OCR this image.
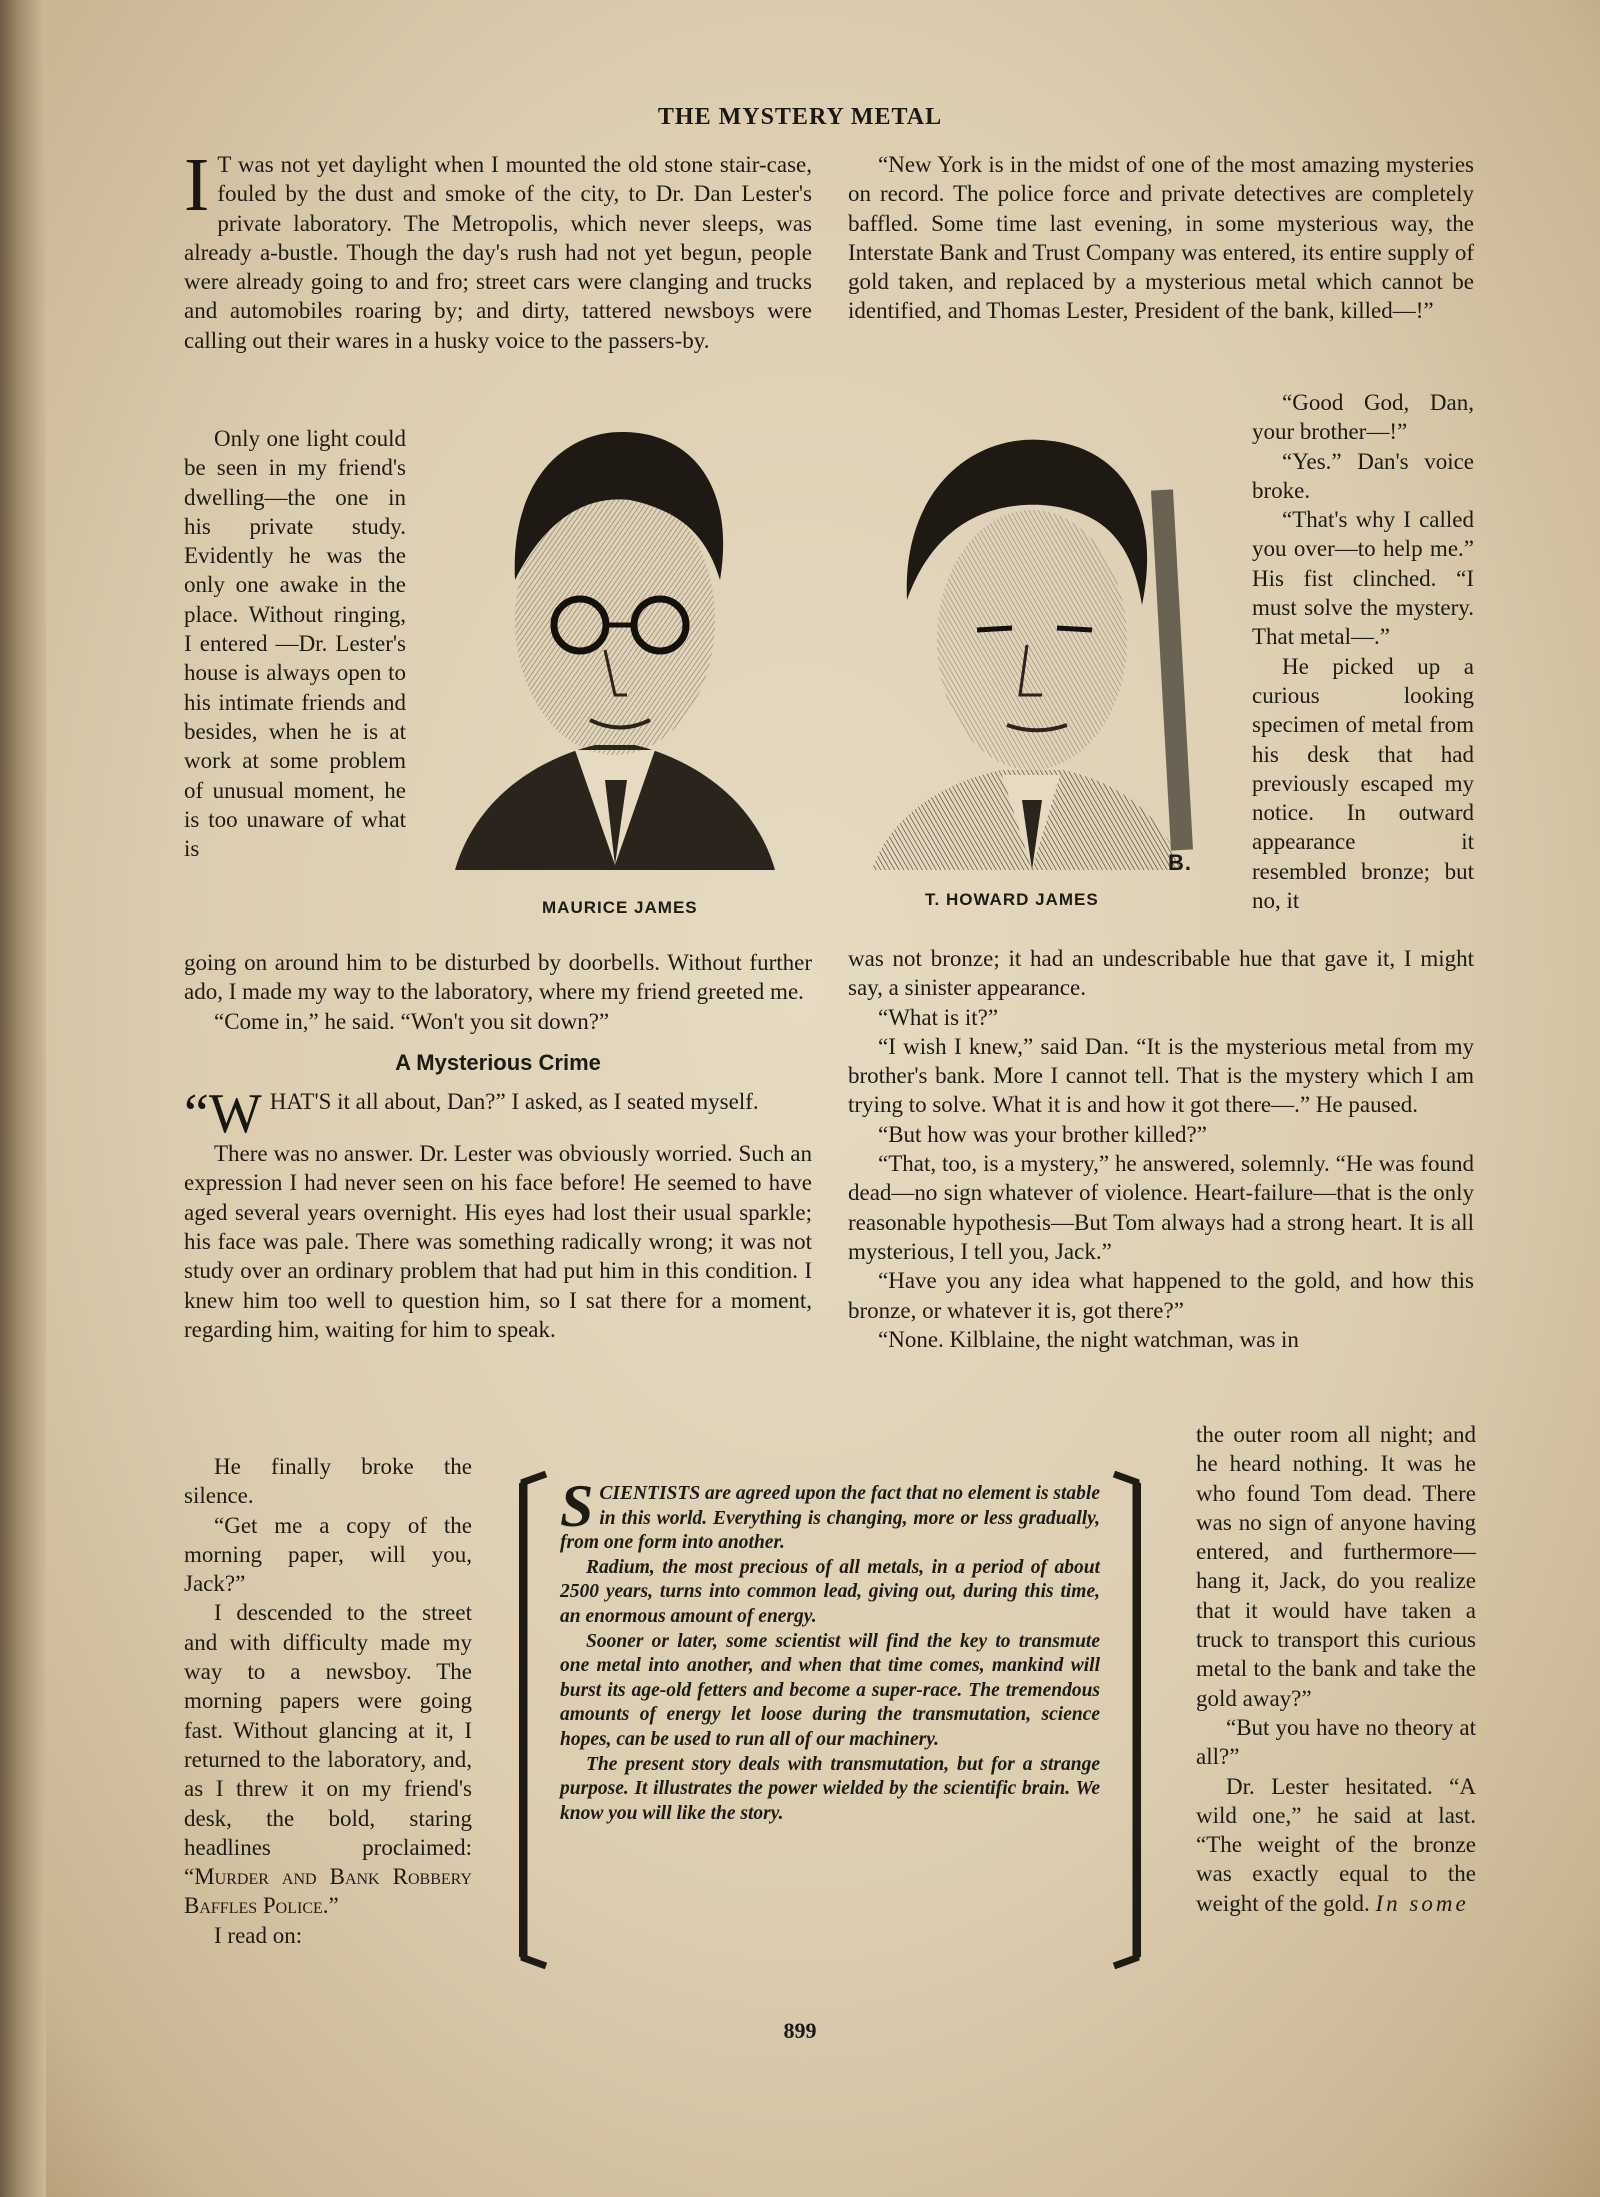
THE MYSTERY METAL

I T was not yet daylight when I mounted the old stone stair-case, fouled by the dust and smoke of the city, to Dr. Dan Lester's private laboratory. The Metropolis, which never sleeps, was already a-bustle. Though the day's rush had not yet begun, people were already going to and fro; street cars were clanging and trucks and automobiles roaring by; and dirty, tattered newsboys were calling out their wares in a husky voice to the passers-by.

Only one light could be seen in my friend's dwelling—the one in his private study. Evidently he was the only one awake in the place. Without ringing, I entered —Dr. Lester's house is always open to his intimate friends and besides, when he is at work at some problem of unusual moment, he is too unaware of what is

going on around him to be disturbed by doorbells. Without further ado, I made my way to the laboratory, where my friend greeted me.

“Come in,” he said. “Won't you sit down?”

A Mysterious Crime

“WHAT'S it all about, Dan?” I asked, as I seated myself.

There was no answer. Dr. Lester was obviously worried. Such an expression I had never seen on his face before! He seemed to have aged several years overnight. His eyes had lost their usual sparkle; his face was pale. There was something radically wrong; it was not study over an ordinary problem that had put him in this condition. I knew him too well to question him, so I sat there for a moment, regarding him, waiting for him to speak.

He finally broke the silence.

“Get me a copy of the morning paper, will you, Jack?”

I descended to the street and with difficulty made my way to a newsboy. The morning papers were going fast. Without glancing at it, I returned to the laboratory, and, as I threw it on my friend's desk, the bold, staring headlines proclaimed: “Murder and Bank Robbery Baffles Police.”

I read on:

MAURICE JAMES	T. HOWARD JAMES
B.

“New York is in the midst of one of the most amazing mysteries on record. The police force and private detectives are completely baffled. Some time last evening, in some mysterious way, the Interstate Bank and Trust Company was entered, its entire supply of gold taken, and replaced by a mysterious metal which cannot be identified, and Thomas Lester, President of the bank, killed—!”

“Good God, Dan, your brother—!”

“Yes.” Dan's voice broke.

“That's why I called you over—to help me.” His fist clinched. “I must solve the mystery. That metal—.”

He picked up a curious looking specimen of metal from his desk that had previously escaped my notice. In outward appearance it resembled bronze; but no, it

was not bronze; it had an undescribable hue that gave it, I might say, a sinister appearance.

“What is it?”

“I wish I knew,” said Dan. “It is the mysterious metal from my brother's bank. More I cannot tell. That is the mystery which I am trying to solve. What it is and how it got there—.” He paused.

“But how was your brother killed?”

“That, too, is a mystery,” he answered, solemnly. “He was found dead—no sign whatever of violence. Heart-failure—that is the only reasonable hypothesis—But Tom always had a strong heart. It is all mysterious, I tell you, Jack.”

“Have you any idea what happened to the gold, and how this bronze, or whatever it is, got there?”

“None. Kilblaine, the night watchman, was in

the outer room all night; and he heard nothing. It was he who found Tom dead. There was no sign of anyone having entered, and furthermore—hang it, Jack, do you realize that it would have taken a truck to transport this curious metal to the bank and take the gold away?”

“But you have no theory at all?”

Dr. Lester hesitated. “A wild one,” he said at last. “The weight of the bronze was exactly equal to the weight of the gold. In some

SCIENTISTS are agreed upon the fact that no element is stable in this world. Everything is changing, more or less gradually, from one form into another.

Radium, the most precious of all metals, in a period of about 2500 years, turns into common lead, giving out, during this time, an enormous amount of energy.

Sooner or later, some scientist will find the key to transmute one metal into another, and when that time comes, mankind will burst its age-old fetters and become a super-race. The tremendous amounts of energy let loose during the transmutation, science hopes, can be used to run all of our machinery.

The present story deals with transmutation, but for a strange purpose. It illustrates the power wielded by the scientific brain. We know you will like the story.

899
